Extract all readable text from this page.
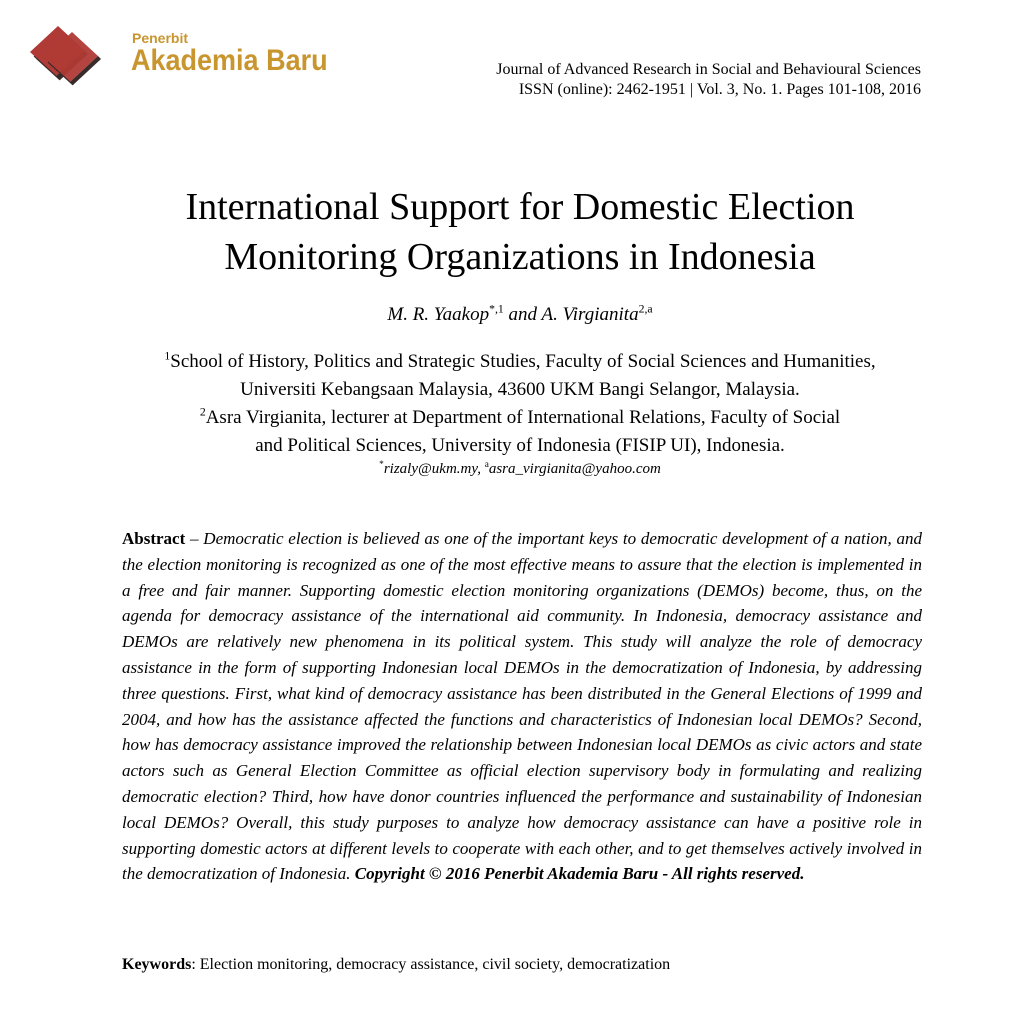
Penerbit
Akademia Baru	Journal of Advanced Research in Social and Behavioural Sciences
ISSN (online): 2462-1951 | Vol. 3, No. 1. Pages 101-108, 2016
International Support for Domestic Election
Monitoring Organizations in Indonesia
M. R. Yaakop$^{*,1}$ and A. Virgianita$^{2,a}$
$^1$School of History, Politics and Strategic Studies, Faculty of Social Sciences and Humanities,
Universiti Kebangsaan Malaysia, 43600 UKM Bangi Selangor, Malaysia.
$^2$Asra Virgianita, lecturer at Department of International Relations, Faculty of Social
and Political Sciences, University of Indonesia (FISIP UI), Indonesia.
*rizaly@ukm.my, $^a$asra_virgianita@yahoo.com
Abstract – Democratic election is believed as one of the important keys to democratic development of a nation, and the election monitoring is recognized as one of the most effective means to assure that the election is implemented in a free and fair manner. Supporting domestic election monitoring organizations (DEMOs) become, thus, on the agenda for democracy assistance of the international aid community. In Indonesia, democracy assistance and DEMOs are relatively new phenomena in its political system. This study will analyze the role of democracy assistance in the form of supporting Indonesian local DEMOs in the democratization of Indonesia, by addressing three questions. First, what kind of democracy assistance has been distributed in the General Elections of 1999 and 2004, and how has the assistance affected the functions and characteristics of Indonesian local DEMOs? Second, how has democracy assistance improved the relationship between Indonesian local DEMOs as civic actors and state actors such as General Election Committee as official election supervisory body in formulating and realizing democratic election? Third, how have donor countries influenced the performance and sustainability of Indonesian local DEMOs? Overall, this study purposes to analyze how democracy assistance can have a positive role in supporting domestic actors at different levels to cooperate with each other, and to get themselves actively involved in the democratization of Indonesia. Copyright © 2016 Penerbit Akademia Baru - All rights reserved.
Keywords: Election monitoring, democracy assistance, civil society, democratization
